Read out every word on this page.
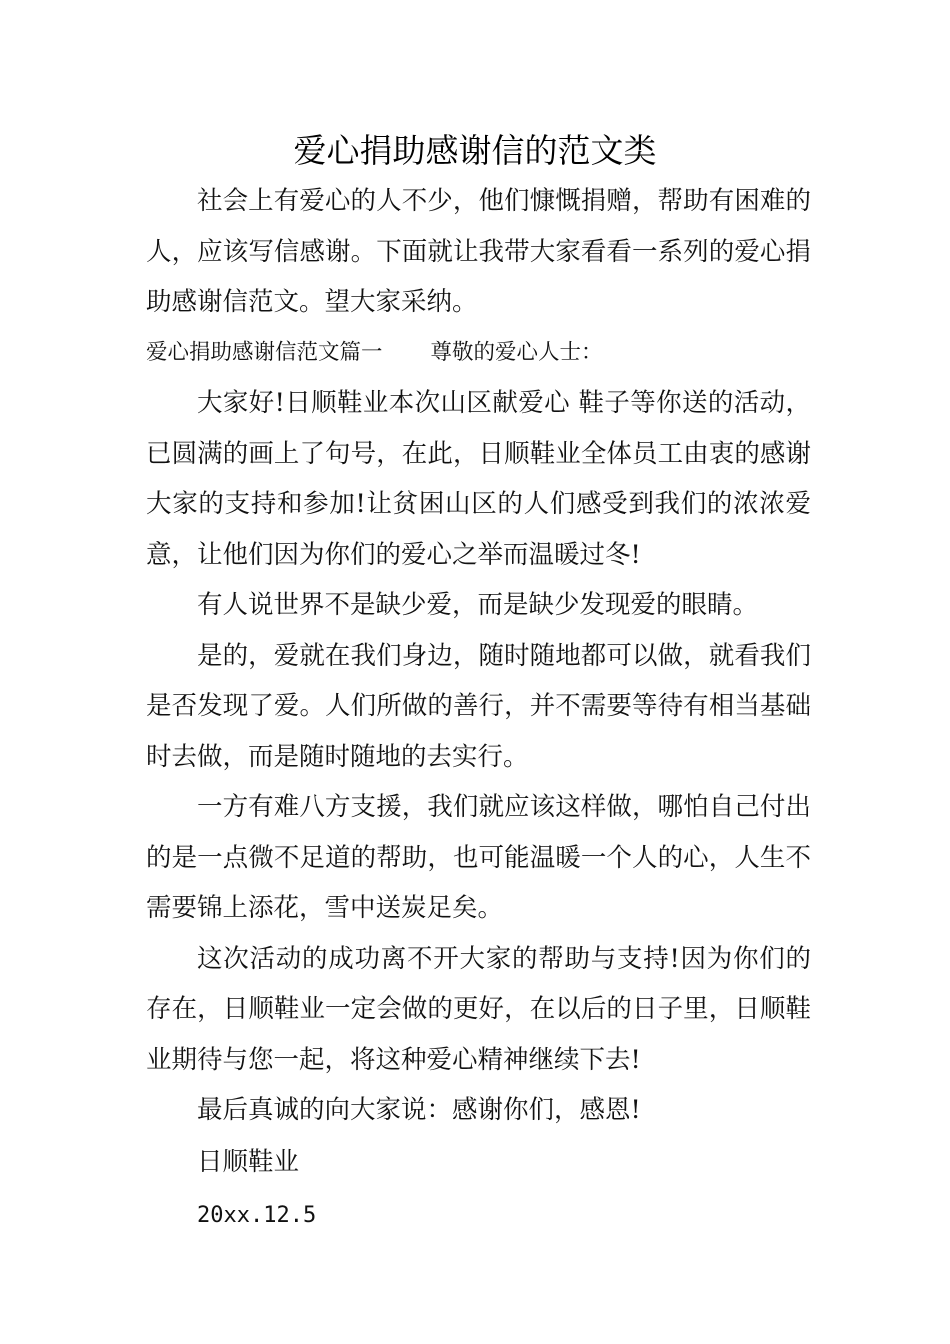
爱心捐助感谢信的范文类

社会上有爱心的人不少，他们慷慨捐赠，帮助有困难的人，应该写信感谢。下面就让我带大家看看一系列的爱心捐助感谢信范文。望大家采纳。

爱心捐助感谢信范文篇一 尊敬的爱心人士：

大家好!日顺鞋业本次山区献爱心 鞋子等你送的活动，已圆满的画上了句号，在此，日顺鞋业全体员工由衷的感谢大家的支持和参加!让贫困山区的人们感受到我们的浓浓爱意，让他们因为你们的爱心之举而温暖过冬!

有人说世界不是缺少爱，而是缺少发现爱的眼睛。

是的，爱就在我们身边，随时随地都可以做，就看我们是否发现了爱。人们所做的善行，并不需要等待有相当基础时去做，而是随时随地的去实行。

一方有难八方支援，我们就应该这样做，哪怕自己付出的是一点微不足道的帮助，也可能温暖一个人的心，人生不需要锦上添花，雪中送炭足矣。

这次活动的成功离不开大家的帮助与支持!因为你们的存在，日顺鞋业一定会做的更好，在以后的日子里，日顺鞋业期待与您一起，将这种爱心精神继续下去!

最后真诚的向大家说：感谢你们，感恩!

日顺鞋业

20xx.12.5
